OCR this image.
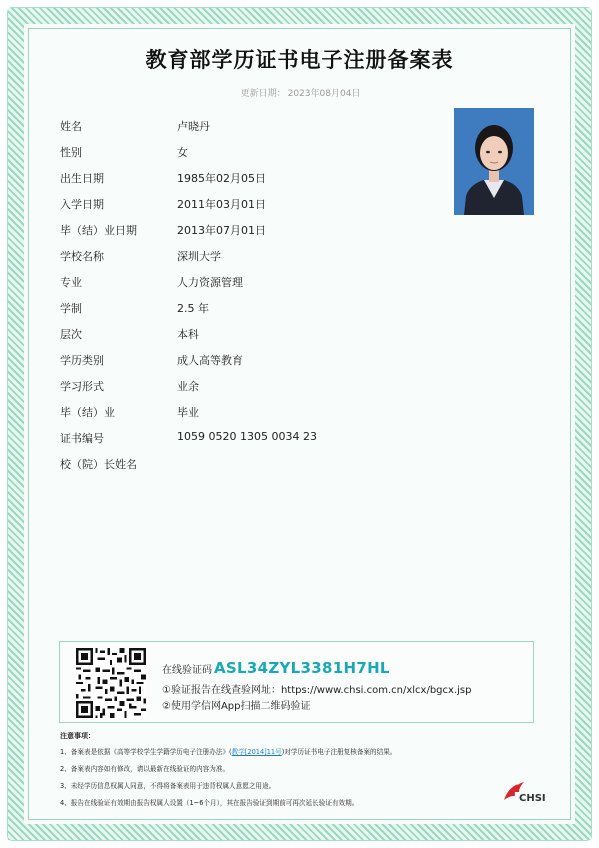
教育部学历证书电子注册备案表
更新日期： 2023年08月04日
姓名	卢晓丹
性别	女
出生日期	1985年02月05日
入学日期	2011年03月01日
毕（结）业日期	2013年07月01日
学校名称	深圳大学
专业	人力资源管理
学制	2.5 年
层次	本科
学历类别	成人高等教育
学习形式	业余
毕（结）业	毕业
证书编号	1059 0520 1305 0034 23
校（院）长姓名
在线验证码 ASL34ZYL3381H7HL
①验证报告在线查验网址：https://www.chsi.com.cn/xlcx/bgcx.jsp
②使用学信网App扫描二维码验证
注意事项：
1、备案表是依据《高等学校学生学籍学历电子注册办法》(教学[2014]11号)对学历证书电子注册复核备案的结果。
2、备案表内容如有修改，请以最新在线验证的内容为准。
3、未经学历信息权属人同意，不得将备案表用于违背权属人意愿之用途。
4、报告在线验证有效期由报告权属人设置（1~6个月），其在报告验证到期前可再次延长验证有效期。	CHSI
